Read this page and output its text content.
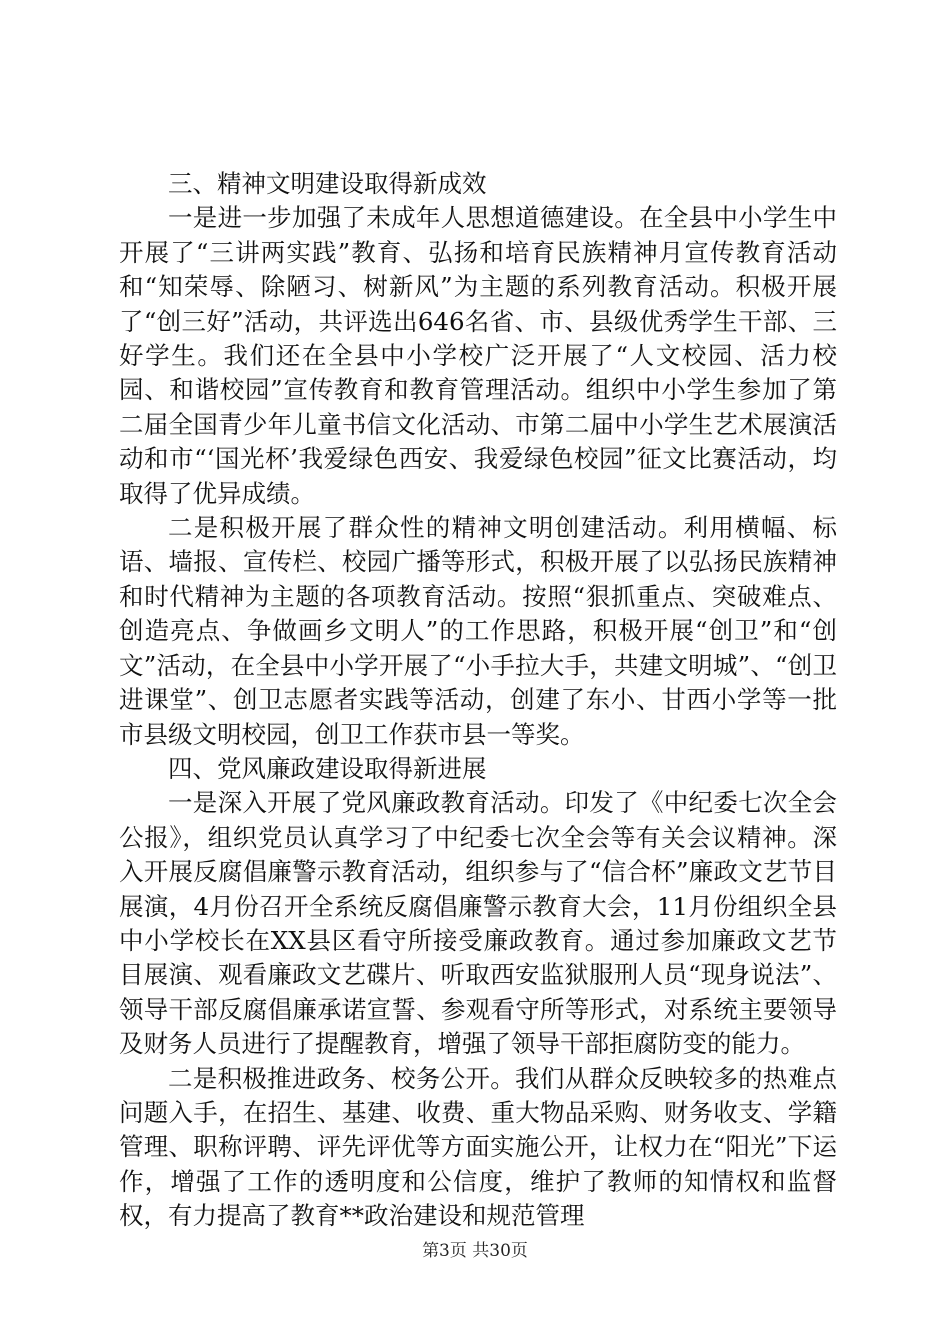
三、精神文明建设取得新成效

一是进一步加强了未成年人思想道德建设。在全县中小学生中开展了“三讲两实践”教育、弘扬和培育民族精神月宣传教育活动和“知荣辱、除陋习、树新风”为主题的系列教育活动。积极开展了“创三好”活动，共评选出646名省、市、县级优秀学生干部、三好学生。我们还在全县中小学校广泛开展了“人文校园、活力校园、和谐校园”宣传教育和教育管理活动。组织中小学生参加了第二届全国青少年儿童书信文化活动、市第二届中小学生艺术展演活动和市“‘国光杯’我爱绿色西安、我爱绿色校园”征文比赛活动，均取得了优异成绩。

二是积极开展了群众性的精神文明创建活动。利用横幅、标语、墙报、宣传栏、校园广播等形式，积极开展了以弘扬民族精神和时代精神为主题的各项教育活动。按照“狠抓重点、突破难点、创造亮点、争做画乡文明人”的工作思路，积极开展“创卫”和“创文”活动，在全县中小学开展了“小手拉大手，共建文明城”、“创卫进课堂”、创卫志愿者实践等活动，创建了东小、甘西小学等一批市县级文明校园，创卫工作获市县一等奖。

四、党风廉政建设取得新进展

一是深入开展了党风廉政教育活动。印发了《中纪委七次全会公报》，组织党员认真学习了中纪委七次全会等有关会议精神。深入开展反腐倡廉警示教育活动，组织参与了“信合杯”廉政文艺节目展演，4月份召开全系统反腐倡廉警示教育大会，11月份组织全县中小学校长在XX县区看守所接受廉政教育。通过参加廉政文艺节目展演、观看廉政文艺碟片、听取西安监狱服刑人员“现身说法”、领导干部反腐倡廉承诺宣誓、参观看守所等形式，对系统主要领导及财务人员进行了提醒教育，增强了领导干部拒腐防变的能力。

二是积极推进政务、校务公开。我们从群众反映较多的热难点问题入手，在招生、基建、收费、重大物品采购、财务收支、学籍管理、职称评聘、评先评优等方面实施公开，让权力在“阳光”下运作，增强了工作的透明度和公信度，维护了教师的知情权和监督权，有力提高了教育**政治建设和规范管理

第3页 共30页
